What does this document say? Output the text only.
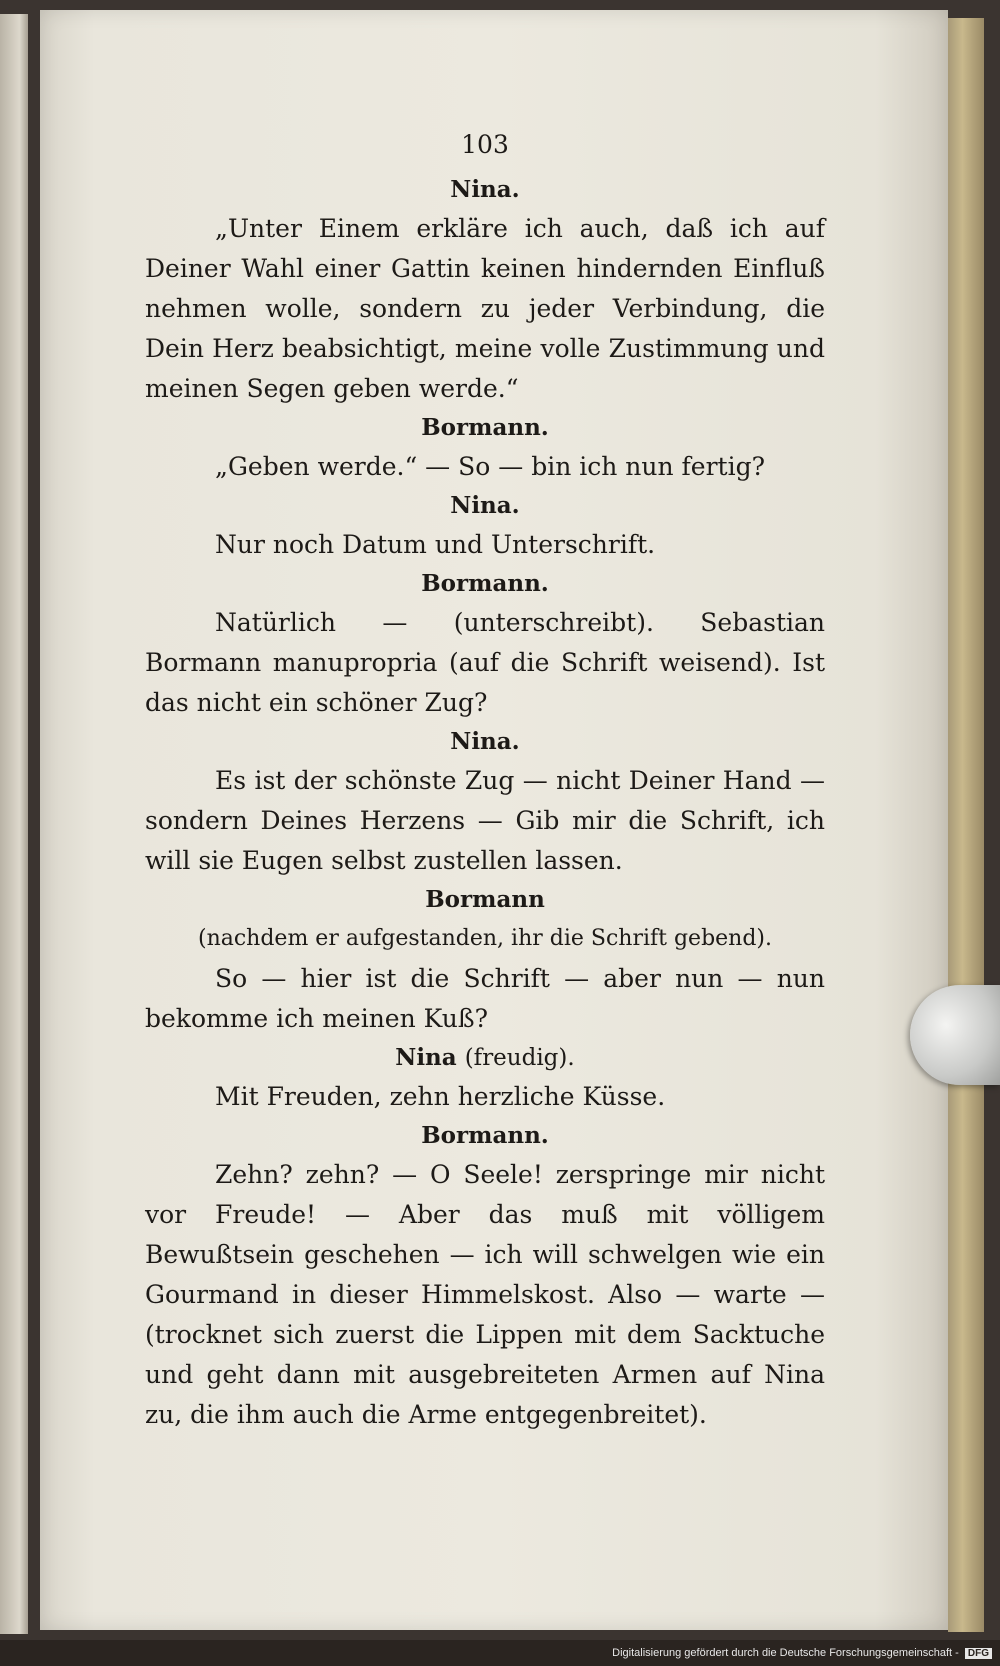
103
Nina.

„Unter Einem erkläre ich auch, daß ich auf Deiner Wahl einer Gattin keinen hindernden Einfluß nehmen wolle, sondern zu jeder Verbindung, die Dein Herz beabsichtigt, meine volle Zustimmung und meinen Segen geben werde.“

Bormann.

„Geben werde.“ — So — bin ich nun fertig?

Nina.

Nur noch Datum und Unterschrift.

Bormann.

Natürlich — (unterschreibt). Sebastian Bormann manupropria (auf die Schrift weisend). Ist das nicht ein schöner Zug?

Nina.

Es ist der schönste Zug — nicht Deiner Hand — sondern Deines Herzens — Gib mir die Schrift, ich will sie Eugen selbst zustellen lassen.

Bormann
(nachdem er aufgestanden, ihr die Schrift gebend).

So — hier ist die Schrift — aber nun — nun bekomme ich meinen Kuß?

Nina (freudig).

Mit Freuden, zehn herzliche Küsse.

Bormann.

Zehn? zehn? — O Seele! zerspringe mir nicht vor Freude! — Aber das muß mit völligem Bewußtsein geschehen — ich will schwelgen wie ein Gourmand in dieser Himmelskost. Also — warte — (trocknet sich zuerst die Lippen mit dem Sacktuche und geht dann mit ausgebreiteten Armen auf Nina zu, die ihm auch die Arme entgegenbreitet).

Digitalisierung gefördert durch die Deutsche Forschungsgemeinschaft - DFG
